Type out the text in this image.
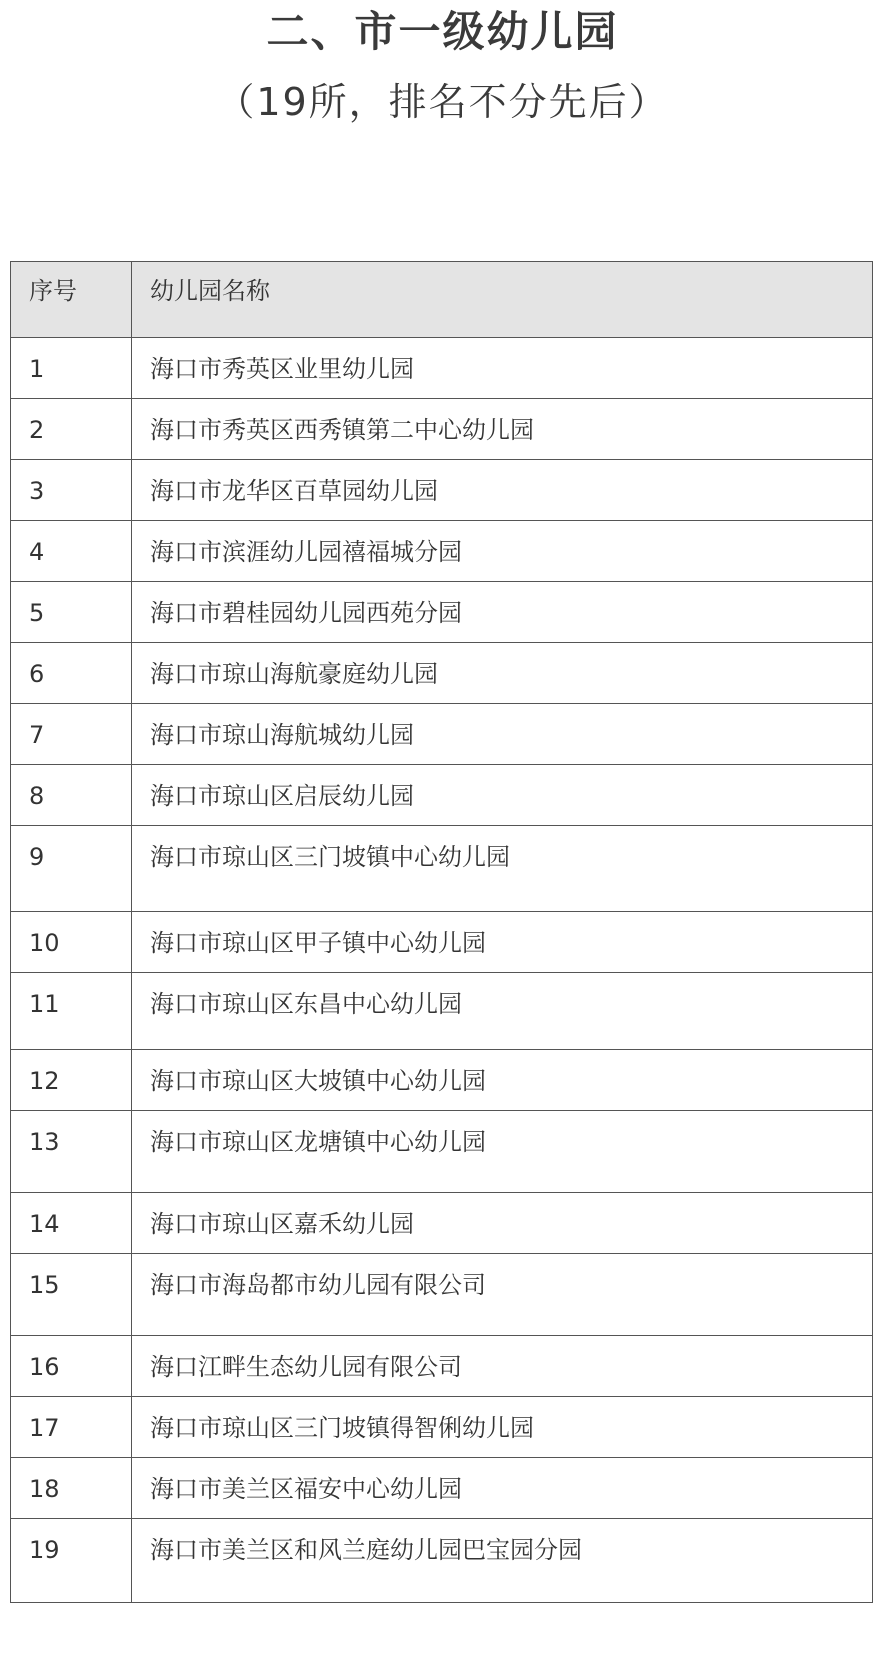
二、市一级幼儿园
（19所，排名不分先后）
序号	幼儿园名称
1	海口市秀英区业里幼儿园
2	海口市秀英区西秀镇第二中心幼儿园
3	海口市龙华区百草园幼儿园
4	海口市滨涯幼儿园禧福城分园
5	海口市碧桂园幼儿园西苑分园
6	海口市琼山海航豪庭幼儿园
7	海口市琼山海航城幼儿园
8	海口市琼山区启辰幼儿园
9	海口市琼山区三门坡镇中心幼儿园
10	海口市琼山区甲子镇中心幼儿园
11	海口市琼山区东昌中心幼儿园
12	海口市琼山区大坡镇中心幼儿园
13	海口市琼山区龙塘镇中心幼儿园
14	海口市琼山区嘉禾幼儿园
15	海口市海岛都市幼儿园有限公司
16	海口江畔生态幼儿园有限公司
17	海口市琼山区三门坡镇得智俐幼儿园
18	海口市美兰区福安中心幼儿园
19	海口市美兰区和风兰庭幼儿园巴宝园分园
